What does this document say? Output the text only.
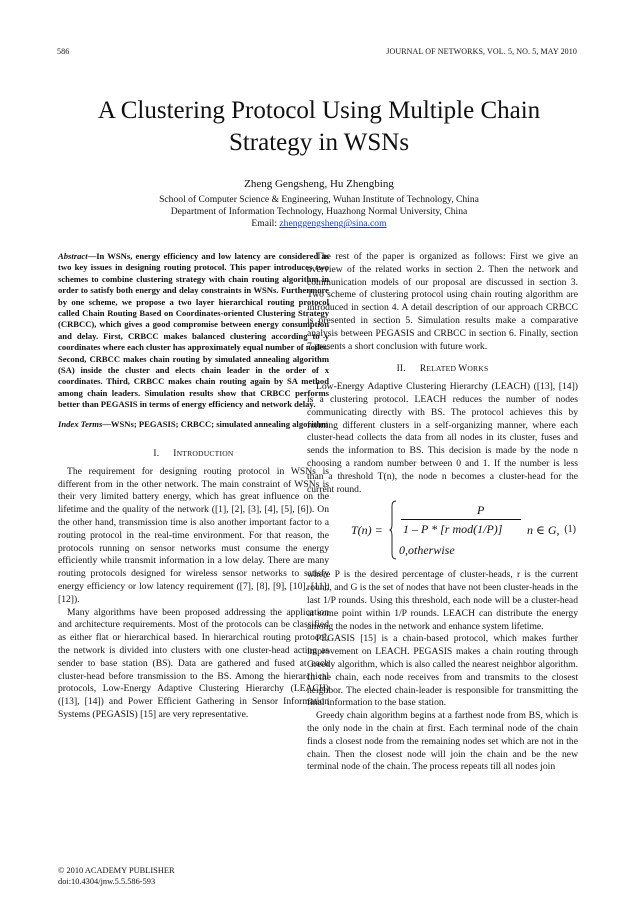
586	JOURNAL OF NETWORKS, VOL. 5, NO. 5, MAY 2010
A Clustering Protocol Using Multiple Chain
Strategy in WSNs
Zheng Gengsheng, Hu Zhengbing
School of Computer Science & Engineering, Wuhan Institute of Technology, China
Department of Information Technology, Huazhong Normal University, China
Email: zhenggengsheng@sina.com

Abstract—In WSNs, energy efficiency and low latency are considered as two key issues in designing routing protocol. This paper introduces two schemes to combine clustering strategy with chain routing algorithm in order to satisfy both energy and delay constraints in WSNs. Furthermore by one scheme, we propose a two layer hierarchical routing protocol called Chain Routing Based on Coordinates-oriented Clustering Strategy (CRBCC), which gives a good compromise between energy consumption and delay. First, CRBCC makes balanced clustering according to y coordinates where each cluster has approximately equal number of nodes. Second, CRBCC makes chain routing by simulated annealing algorithm (SA) inside the cluster and elects chain leader in the order of x coordinates. Third, CRBCC makes chain routing again by SA method among chain leaders. Simulation results show that CRBCC performs better than PEGASIS in terms of energy efficiency and network delay.

Index Terms—WSNs; PEGASIS; CRBCC; simulated annealing algorithm

I. INTRODUCTION

The requirement for designing routing protocol in WSNs is different from in the other network. The main constraint of WSNs is their very limited battery energy, which has great influence on the lifetime and the quality of the network ([1], [2], [3], [4], [5], [6]). On the other hand, transmission time is also another important factor to a routing protocol in the real-time environment. For that reason, the protocols running on sensor networks must consume the energy efficiently while transmit information in a low delay. There are many routing protocols designed for wireless sensor networks to satisfy energy efficiency or low latency requirement ([7], [8], [9], [10], [11], [12]).

Many algorithms have been proposed addressing the application and architecture requirements. Most of the protocols can be classified as either flat or hierarchical based. In hierarchical routing protocol, the network is divided into clusters with one cluster-head acting as sender to base station (BS). Data are gathered and fused at each cluster-head before transmission to the BS. Among the hierarchical protocols, Low-Energy Adaptive Clustering Hierarchy (LEACH) ([13], [14]) and Power Efficient Gathering in Sensor Information Systems (PEGASIS) [15] are very representative.

The rest of the paper is organized as follows: First we give an overview of the related works in section 2. Then the network and communication models of our proposal are discussed in section 3. Two scheme of clustering protocol using chain routing algorithm are introduced in section 4. A detail description of our approach CRBCC is presented in section 5. Simulation results make a comparative analysis between PEGASIS and CRBCC in section 6. Finally, section 7 presents a short conclusion with future work.

II. RELATED WORKS

Low-Energy Adaptive Clustering Hierarchy (LEACH) ([13], [14]) is a clustering protocol. LEACH reduces the number of nodes communicating directly with BS. The protocol achieves this by forming different clusters in a self-organizing manner, where each cluster-head collects the data from all nodes in its cluster, fuses and sends the information to BS. This decision is made by the node n choosing a random number between 0 and 1. If the number is less than a threshold T(n), the node n becomes a cluster-head for the current round.

T(n) =
P
1 – P * [r mod(1/P)] n ∈ G,
0,otherwise
(1)

where P is the desired percentage of cluster-heads, r is the current round, and G is the set of nodes that have not been cluster-heads in the last 1/P rounds. Using this threshold, each node will be a cluster-head at some point within 1/P rounds. LEACH can distribute the energy among the nodes in the network and enhance system lifetime.

PEGASIS [15] is a chain-based protocol, which makes further improvement on LEACH. PEGASIS makes a chain routing through Greedy algorithm, which is also called the nearest neighbor algorithm. In the chain, each node receives from and transmits to the closest neighbor. The elected chain-leader is responsible for transmitting the final information to the base station.

Greedy chain algorithm begins at a farthest node from BS, which is the only node in the chain at first. Each terminal node of the chain finds a closest node from the remaining nodes set which are not in the chain. Then the closest node will join the chain and be the new terminal node of the chain. The process repeats till all nodes join

© 2010 ACADEMY PUBLISHER
doi:10.4304/jnw.5.5.586-593
